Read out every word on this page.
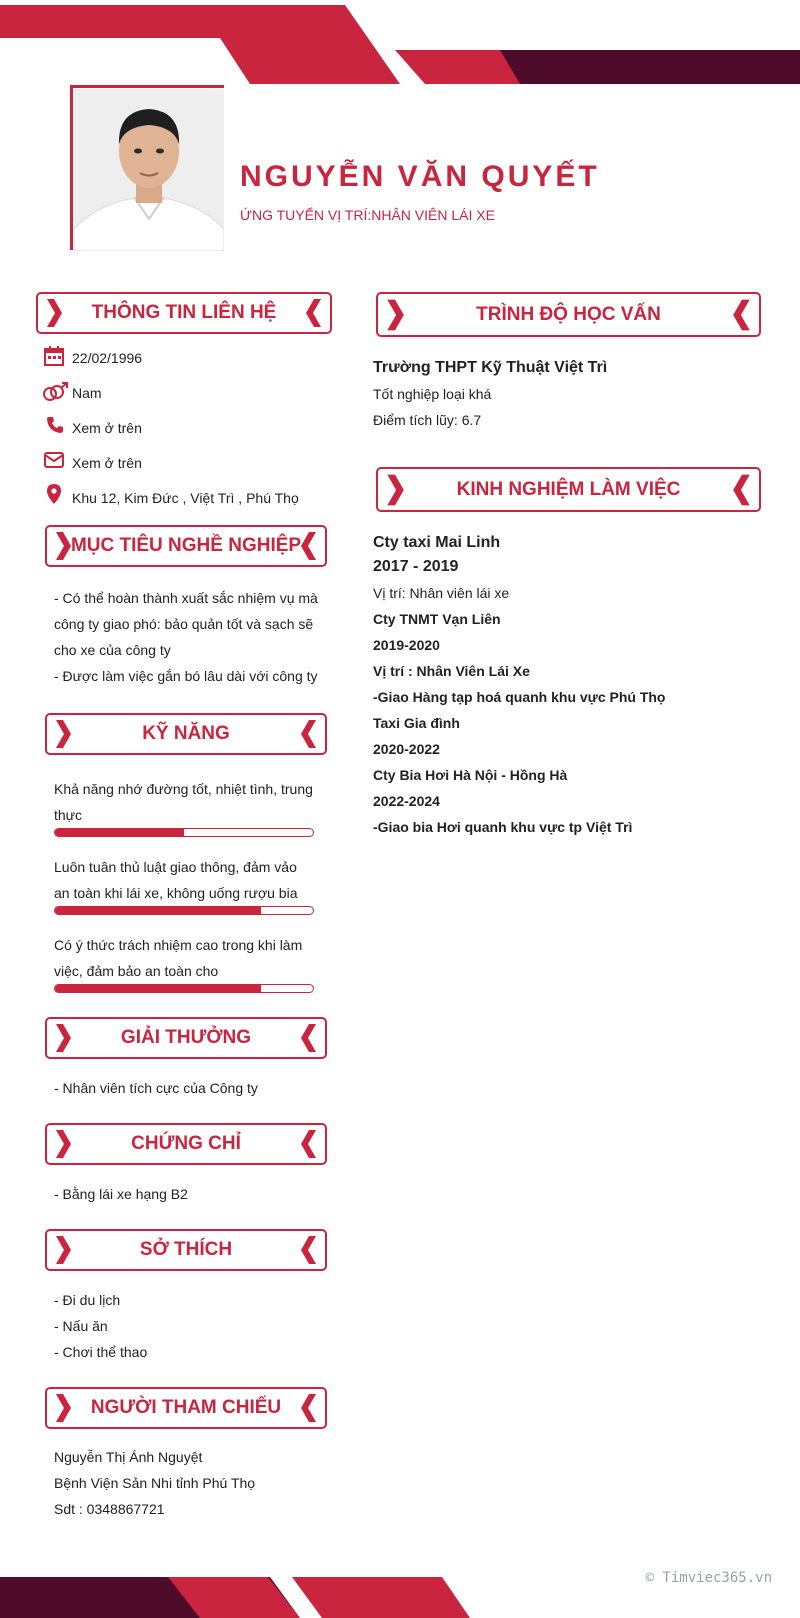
NGUYỄN VĂN QUYẾT
ỨNG TUYỂN VỊ TRÍ:NHÂN VIÊN LÁI XE
THÔNG TIN LIÊN HỆ
22/02/1996
Nam
Xem ở trên
Xem ở trên
Khu 12, Kim Đức , Việt Trì , Phú Thọ
MỤC TIÊU NGHỀ NGHIỆP
- Có thể hoàn thành xuất sắc nhiệm vụ mà công ty giao phó: bảo quản tốt và sạch sẽ cho xe của công ty
- Được làm việc gắn bó lâu dài với công ty
KỸ NĂNG
Khả năng nhớ đường tốt, nhiệt tình, trung thực
Luôn tuân thủ luật giao thông, đảm vảo an toàn khi lái xe, không uống rượu bia
Có ý thức trách nhiệm cao trong khi làm việc, đảm bảo an toàn cho
GIẢI THƯỞNG
- Nhân viên tích cực của Công ty
CHỨNG CHỈ
- Bằng lái xe hạng B2
SỞ THÍCH
- Đi du lịch
- Nấu ăn
- Chơi thể thao
NGƯỜI THAM CHIẾU
Nguyễn Thị Ánh Nguyệt
Bệnh Viện Sản Nhi tỉnh Phú Thọ
Sdt : 0348867721
TRÌNH ĐỘ HỌC VẤN
Trường THPT Kỹ Thuật Việt Trì
Tốt nghiệp loại khá
Điểm tích lũy: 6.7
KINH NGHIỆM LÀM VIỆC
Cty taxi Mai Linh
2017 - 2019
Vị trí: Nhân viên lái xe
Cty TNMT Vạn Liên
2019-2020
Vị trí : Nhân Viên Lái Xe
-Giao Hàng tạp hoá quanh khu vực Phú Thọ
Taxi Gia đình
2020-2022
Cty Bia Hơi Hà Nội - Hồng Hà
2022-2024
-Giao bia Hơi quanh khu vực tp Việt Trì
© Timviec365.vn
